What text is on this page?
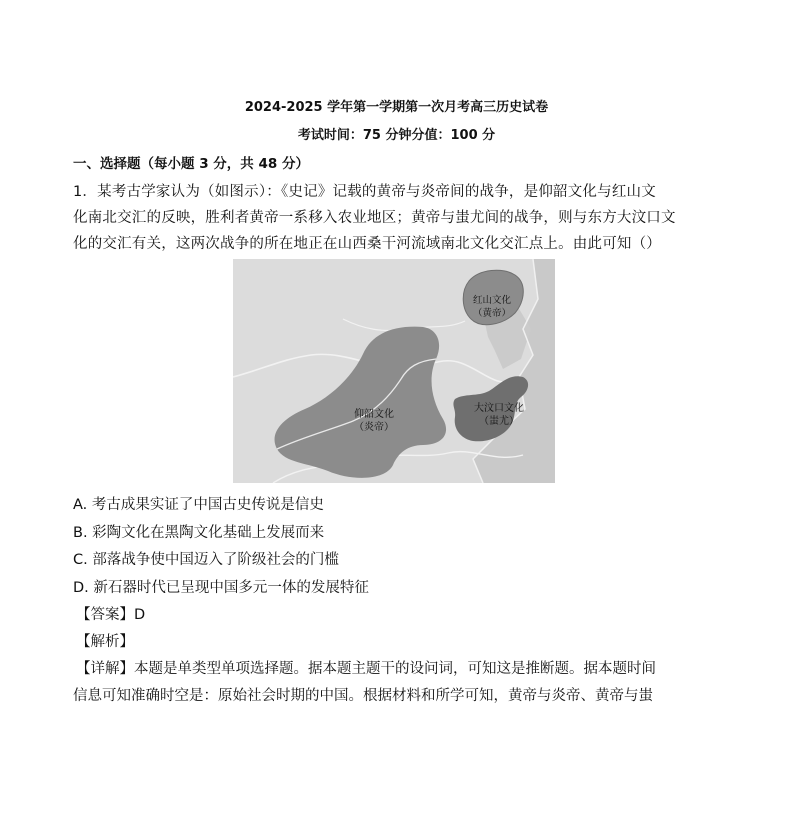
2024-2025 学年第一学期第一次月考高三历史试卷
考试时间：75 分钟分值：100 分
一、选择题（每小题 3 分，共 48 分）
1．某考古学家认为（如图示）：《史记》记载的黄帝与炎帝间的战争，是仰韶文化与红山文
化南北交汇的反映，胜利者黄帝一系移入农业地区；黄帝与蚩尤间的战争，则与东方大汶口文
化的交汇有关，这两次战争的所在地正在山西桑干河流域南北文化交汇点上。由此可知（）
红山文化
（黄帝）
仰韶文化
（炎帝）
大汶口文化
（蚩尤）
A. 考古成果实证了中国古史传说是信史
B. 彩陶文化在黑陶文化基础上发展而来
C. 部落战争使中国迈入了阶级社会的门槛
D. 新石器时代已呈现中国多元一体的发展特征
【答案】D
【解析】
【详解】本题是单类型单项选择题。据本题主题干的设问词，可知这是推断题。据本题时间
信息可知准确时空是：原始社会时期的中国。根据材料和所学可知，黄帝与炎帝、黄帝与蚩
